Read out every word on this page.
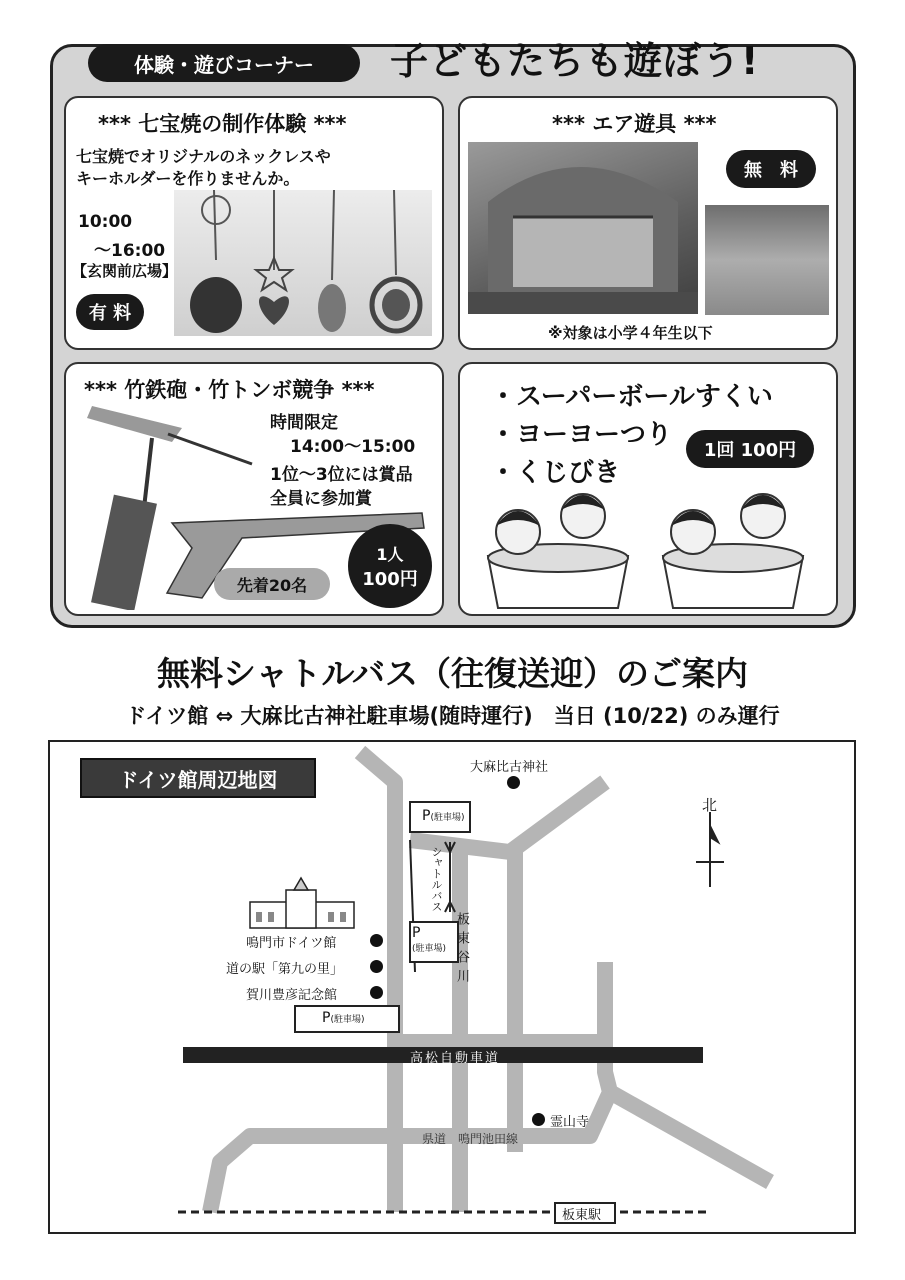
体験・遊びコーナー	子どもたちも遊ぼう!
*** 七宝焼の制作体験 ***
七宝焼でオリジナルのネックレスや
キーホルダーを作りませんか。
10:00
～16:00
【玄関前広場】
有 料
*** エア遊具 ***
無　料
※対象は小学４年生以下
*** 竹鉄砲・竹トンボ競争 ***
時間限定
14:00～15:00
1位～3位には賞品
全員に参加賞
先着20名
1人
100円
・スーパーボールすくい
・ヨーヨーつり
・くじびき
1回 100円
無料シャトルバス（往復送迎）のご案内
ドイツ館 ⇔ 大麻比古神社駐車場(随時運行)　当日 (10/22) のみ運行
ドイツ館周辺地図	大麻比古神社
P(駐車場)
P
(駐車場)
P(駐車場)
シャトルバス
板東谷川
鳴門市ドイツ館
道の駅「第九の里」
賀川豊彦記念館
高松自動車道
霊山寺
県道　鳴門池田線
板東駅
北
